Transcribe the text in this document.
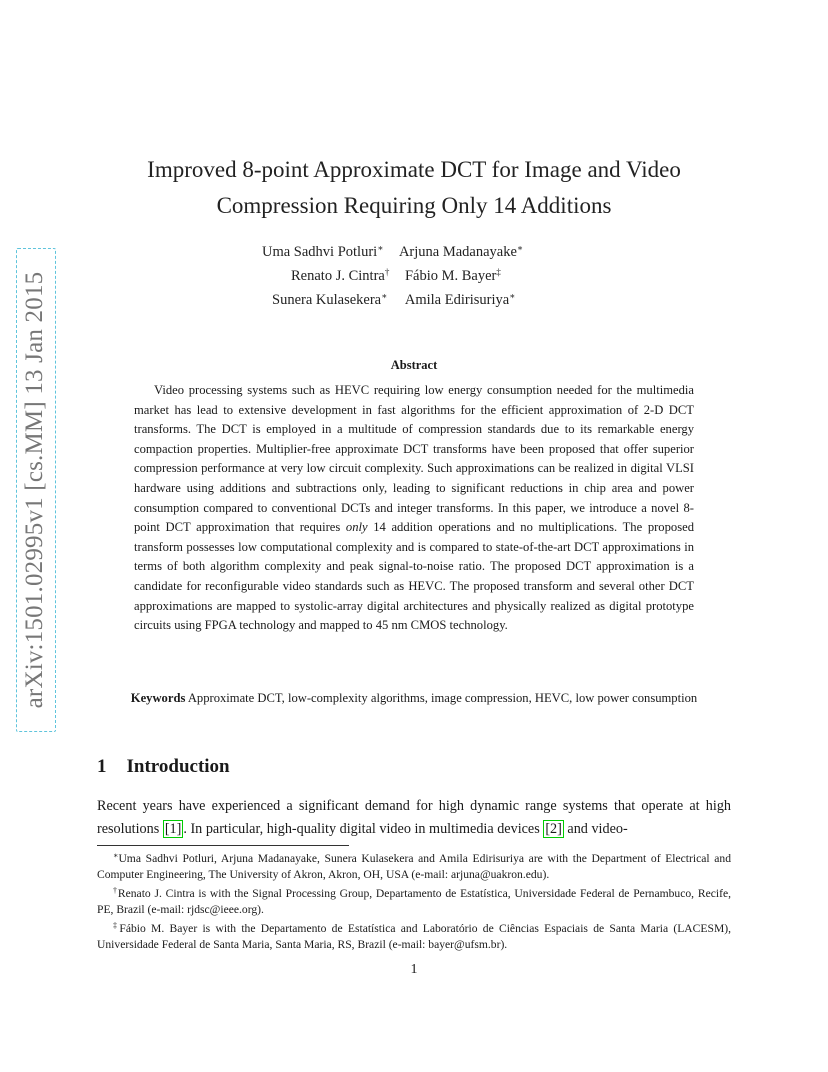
arXiv:1501.02995v1 [cs.MM] 13 Jan 2015
Improved 8-point Approximate DCT for Image and Video
Compression Requiring Only 14 Additions
Uma Sadhvi Potluri∗ Arjuna Madanayake∗
Renato J. Cintra† Fábio M. Bayer‡
Sunera Kulasekera∗ Amila Edirisuriya∗
Abstract
Video processing systems such as HEVC requiring low energy consumption needed for the multimedia market has lead to extensive development in fast algorithms for the efficient approximation of 2-D DCT transforms. The DCT is employed in a multitude of compression standards due to its remarkable energy compaction properties. Multiplier-free approximate DCT transforms have been proposed that offer superior compression performance at very low circuit complexity. Such approximations can be realized in digital VLSI hardware using additions and subtractions only, leading to significant reductions in chip area and power consumption compared to conventional DCTs and integer transforms. In this paper, we introduce a novel 8-point DCT approximation that requires only 14 addition operations and no multiplications. The proposed transform possesses low computational complexity and is compared to state-of-the-art DCT approximations in terms of both algorithm complexity and peak signal-to-noise ratio. The proposed DCT approximation is a candidate for reconfigurable video standards such as HEVC. The proposed transform and several other DCT approximations are mapped to systolic-array digital architectures and physically realized as digital prototype circuits using FPGA technology and mapped to 45 nm CMOS technology.
Keywords Approximate DCT, low-complexity algorithms, image compression, HEVC, low power consumption
1 Introduction
Recent years have experienced a significant demand for high dynamic range systems that operate at high resolutions [1] . In particular, high-quality digital video in multimedia devices [2] and video-

∗Uma Sadhvi Potluri, Arjuna Madanayake, Sunera Kulasekera and Amila Edirisuriya are with the Department of Electrical and Computer Engineering, The University of Akron, Akron, OH, USA (e-mail: arjuna@uakron.edu).

†Renato J. Cintra is with the Signal Processing Group, Departamento de Estatística, Universidade Federal de Pernambuco, Recife, PE, Brazil (e-mail: rjdsc@ieee.org).

‡Fábio M. Bayer is with the Departamento de Estatística and Laboratório de Ciências Espaciais de Santa Maria (LACESM), Universidade Federal de Santa Maria, Santa Maria, RS, Brazil (e-mail: bayer@ufsm.br).

1
